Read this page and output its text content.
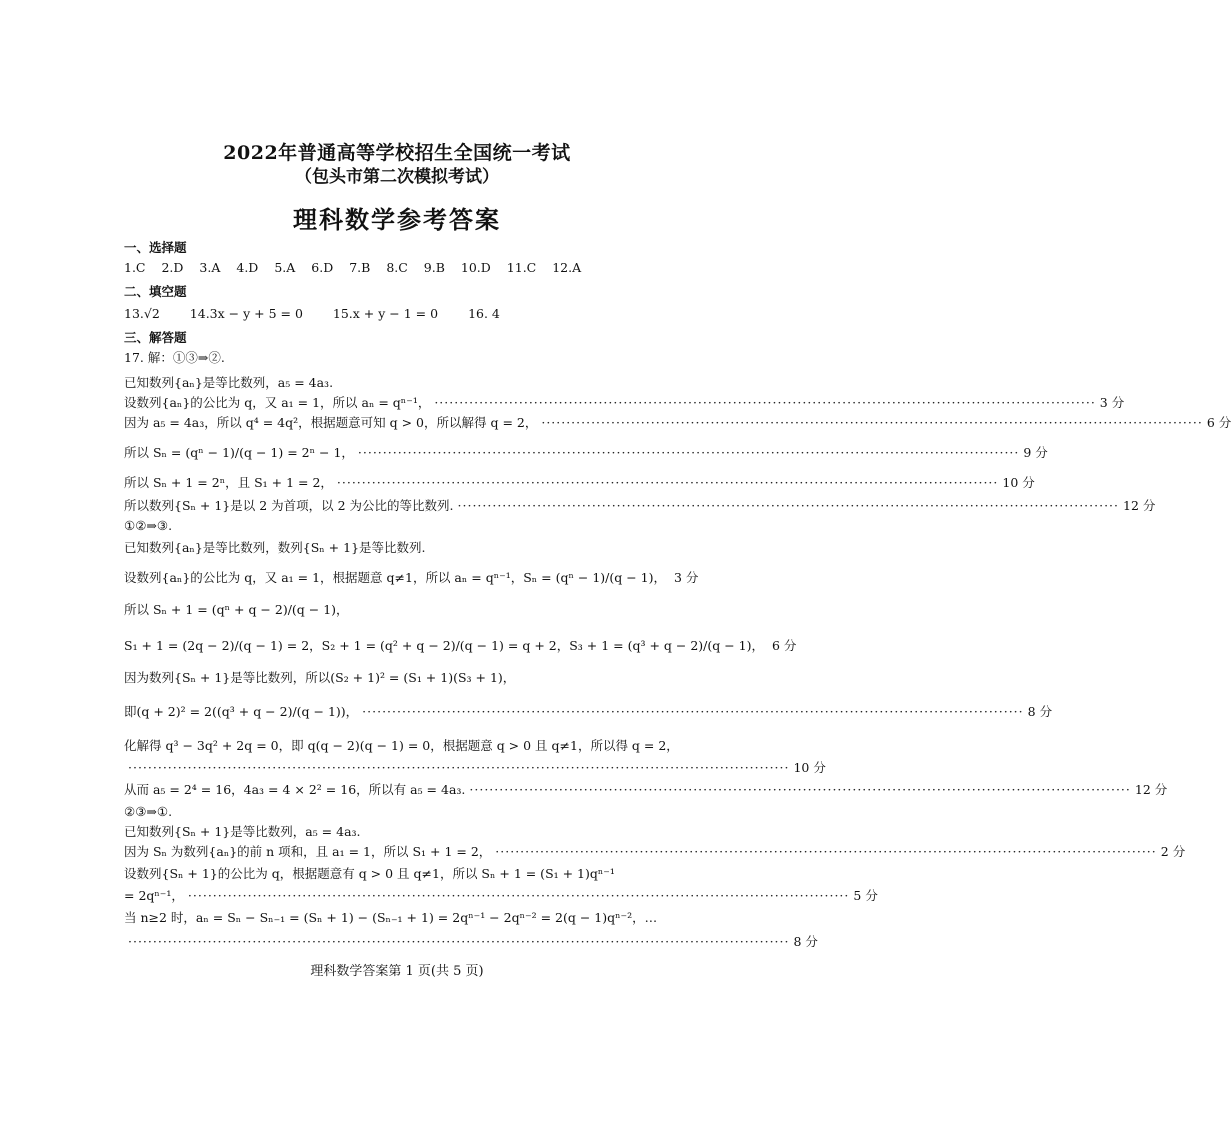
2022年普通高等学校招生全国统一考试
（包头市第二次模拟考试）
理科数学参考答案
一、选择题
1.C 2.D 3.A 4.D 5.A 6.D 7.B 8.C 9.B 10.D 11.C 12.A
二、填空题
13.√2 14.3x − y + 5 = 0 15.x + y − 1 = 0 16. 4
三、解答题
17. 解：①③⇒②.
已知数列{aₙ}是等比数列，a₅ = 4a₃.
设数列{aₙ}的公比为 q，又 a₁ = 1，所以 aₙ = qⁿ⁻¹， ····································································································································· 3 分
因为 a₅ = 4a₃，所以 q⁴ = 4q²，根据题意可知 q > 0，所以解得 q = 2， ····································································································································· 6 分
所以 Sₙ = (qⁿ − 1)/(q − 1) = 2ⁿ − 1， ····································································································································· 9 分
所以 Sₙ + 1 = 2ⁿ，且 S₁ + 1 = 2， ····································································································································· 10 分
所以数列{Sₙ + 1}是以 2 为首项，以 2 为公比的等比数列. ····································································································································· 12 分
①②⇒③.
已知数列{aₙ}是等比数列，数列{Sₙ + 1}是等比数列.
设数列{aₙ}的公比为 q，又 a₁ = 1，根据题意 q≠1，所以 aₙ = qⁿ⁻¹，Sₙ = (qⁿ − 1)/(q − 1)， 3 分
所以 Sₙ + 1 = (qⁿ + q − 2)/(q − 1)，
S₁ + 1 = (2q − 2)/(q − 1) = 2，S₂ + 1 = (q² + q − 2)/(q − 1) = q + 2，S₃ + 1 = (q³ + q − 2)/(q − 1)， 6 分
因为数列{Sₙ + 1}是等比数列，所以(S₂ + 1)² = (S₁ + 1)(S₃ + 1)，
即(q + 2)² = 2((q³ + q − 2)/(q − 1))， ····································································································································· 8 分
化解得 q³ − 3q² + 2q = 0，即 q(q − 2)(q − 1) = 0，根据题意 q > 0 且 q≠1，所以得 q = 2，
····································································································································· 10 分
从而 a₅ = 2⁴ = 16，4a₃ = 4 × 2² = 16，所以有 a₅ = 4a₃. ····································································································································· 12 分
②③⇒①.
已知数列{Sₙ + 1}是等比数列，a₅ = 4a₃.
因为 Sₙ 为数列{aₙ}的前 n 项和，且 a₁ = 1，所以 S₁ + 1 = 2， ····································································································································· 2 分
设数列{Sₙ + 1}的公比为 q，根据题意有 q > 0 且 q≠1，所以 Sₙ + 1 = (S₁ + 1)qⁿ⁻¹
= 2qⁿ⁻¹， ····································································································································· 5 分
当 n≥2 时，aₙ = Sₙ − Sₙ₋₁ = (Sₙ + 1) − (Sₙ₋₁ + 1) = 2qⁿ⁻¹ − 2qⁿ⁻² = 2(q − 1)qⁿ⁻²，…
····································································································································· 8 分
理科数学答案第 1 页(共 5 页)
